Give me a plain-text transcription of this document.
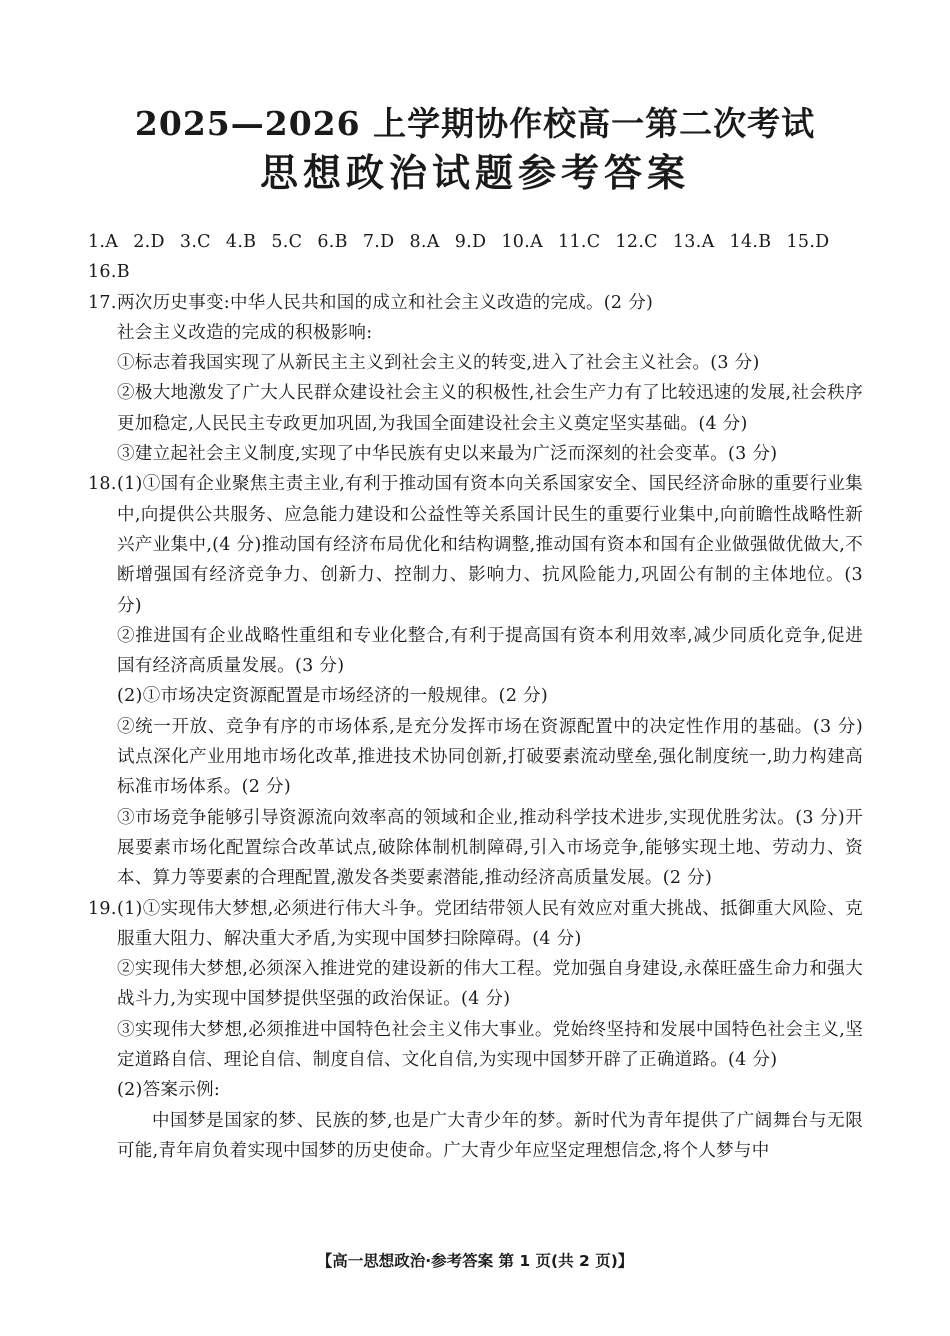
2025—2026 上学期协作校高一第二次考试
思想政治试题参考答案
1.A 2.D 3.C 4.B 5.C 6.B 7.D 8.A 9.D 10.A 11.C 12.C 13.A 14.B 15.D
16.B
17. 两次历史事变:中华人民共和国的成立和社会主义改造的完成。(2 分)
社会主义改造的完成的积极影响:
①标志着我国实现了从新民主主义到社会主义的转变,进入了社会主义社会。(3 分)
②极大地激发了广大人民群众建设社会主义的积极性,社会生产力有了比较迅速的发展,社会秩序更加稳定,人民民主专政更加巩固,为我国全面建设社会主义奠定坚实基础。(4 分)
③建立起社会主义制度,实现了中华民族有史以来最为广泛而深刻的社会变革。(3 分)
18. (1)①国有企业聚焦主责主业,有利于推动国有资本向关系国家安全、国民经济命脉的重要行业集中,向提供公共服务、应急能力建设和公益性等关系国计民生的重要行业集中,向前瞻性战略性新兴产业集中,(4 分)推动国有经济布局优化和结构调整,推动国有资本和国有企业做强做优做大,不断增强国有经济竞争力、创新力、控制力、影响力、抗风险能力,巩固公有制的主体地位。(3 分)
②推进国有企业战略性重组和专业化整合,有利于提高国有资本利用效率,减少同质化竞争,促进国有经济高质量发展。(3 分)
(2)①市场决定资源配置是市场经济的一般规律。(2 分)
②统一开放、竞争有序的市场体系,是充分发挥市场在资源配置中的决定性作用的基础。(3 分)试点深化产业用地市场化改革,推进技术协同创新,打破要素流动壁垒,强化制度统一,助力构建高标准市场体系。(2 分)
③市场竞争能够引导资源流向效率高的领域和企业,推动科学技术进步,实现优胜劣汰。(3 分)开展要素市场化配置综合改革试点,破除体制机制障碍,引入市场竞争,能够实现土地、劳动力、资本、算力等要素的合理配置,激发各类要素潜能,推动经济高质量发展。(2 分)
19. (1)①实现伟大梦想,必须进行伟大斗争。党团结带领人民有效应对重大挑战、抵御重大风险、克服重大阻力、解决重大矛盾,为实现中国梦扫除障碍。(4 分)
②实现伟大梦想,必须深入推进党的建设新的伟大工程。党加强自身建设,永葆旺盛生命力和强大战斗力,为实现中国梦提供坚强的政治保证。(4 分)
③实现伟大梦想,必须推进中国特色社会主义伟大事业。党始终坚持和发展中国特色社会主义,坚定道路自信、理论自信、制度自信、文化自信,为实现中国梦开辟了正确道路。(4 分)
(2)答案示例:
中国梦是国家的梦、民族的梦,也是广大青少年的梦。新时代为青年提供了广阔舞台与无限可能,青年肩负着实现中国梦的历史使命。广大青少年应坚定理想信念,将个人梦与中
【高一思想政治·参考答案 第 1 页(共 2 页)】
